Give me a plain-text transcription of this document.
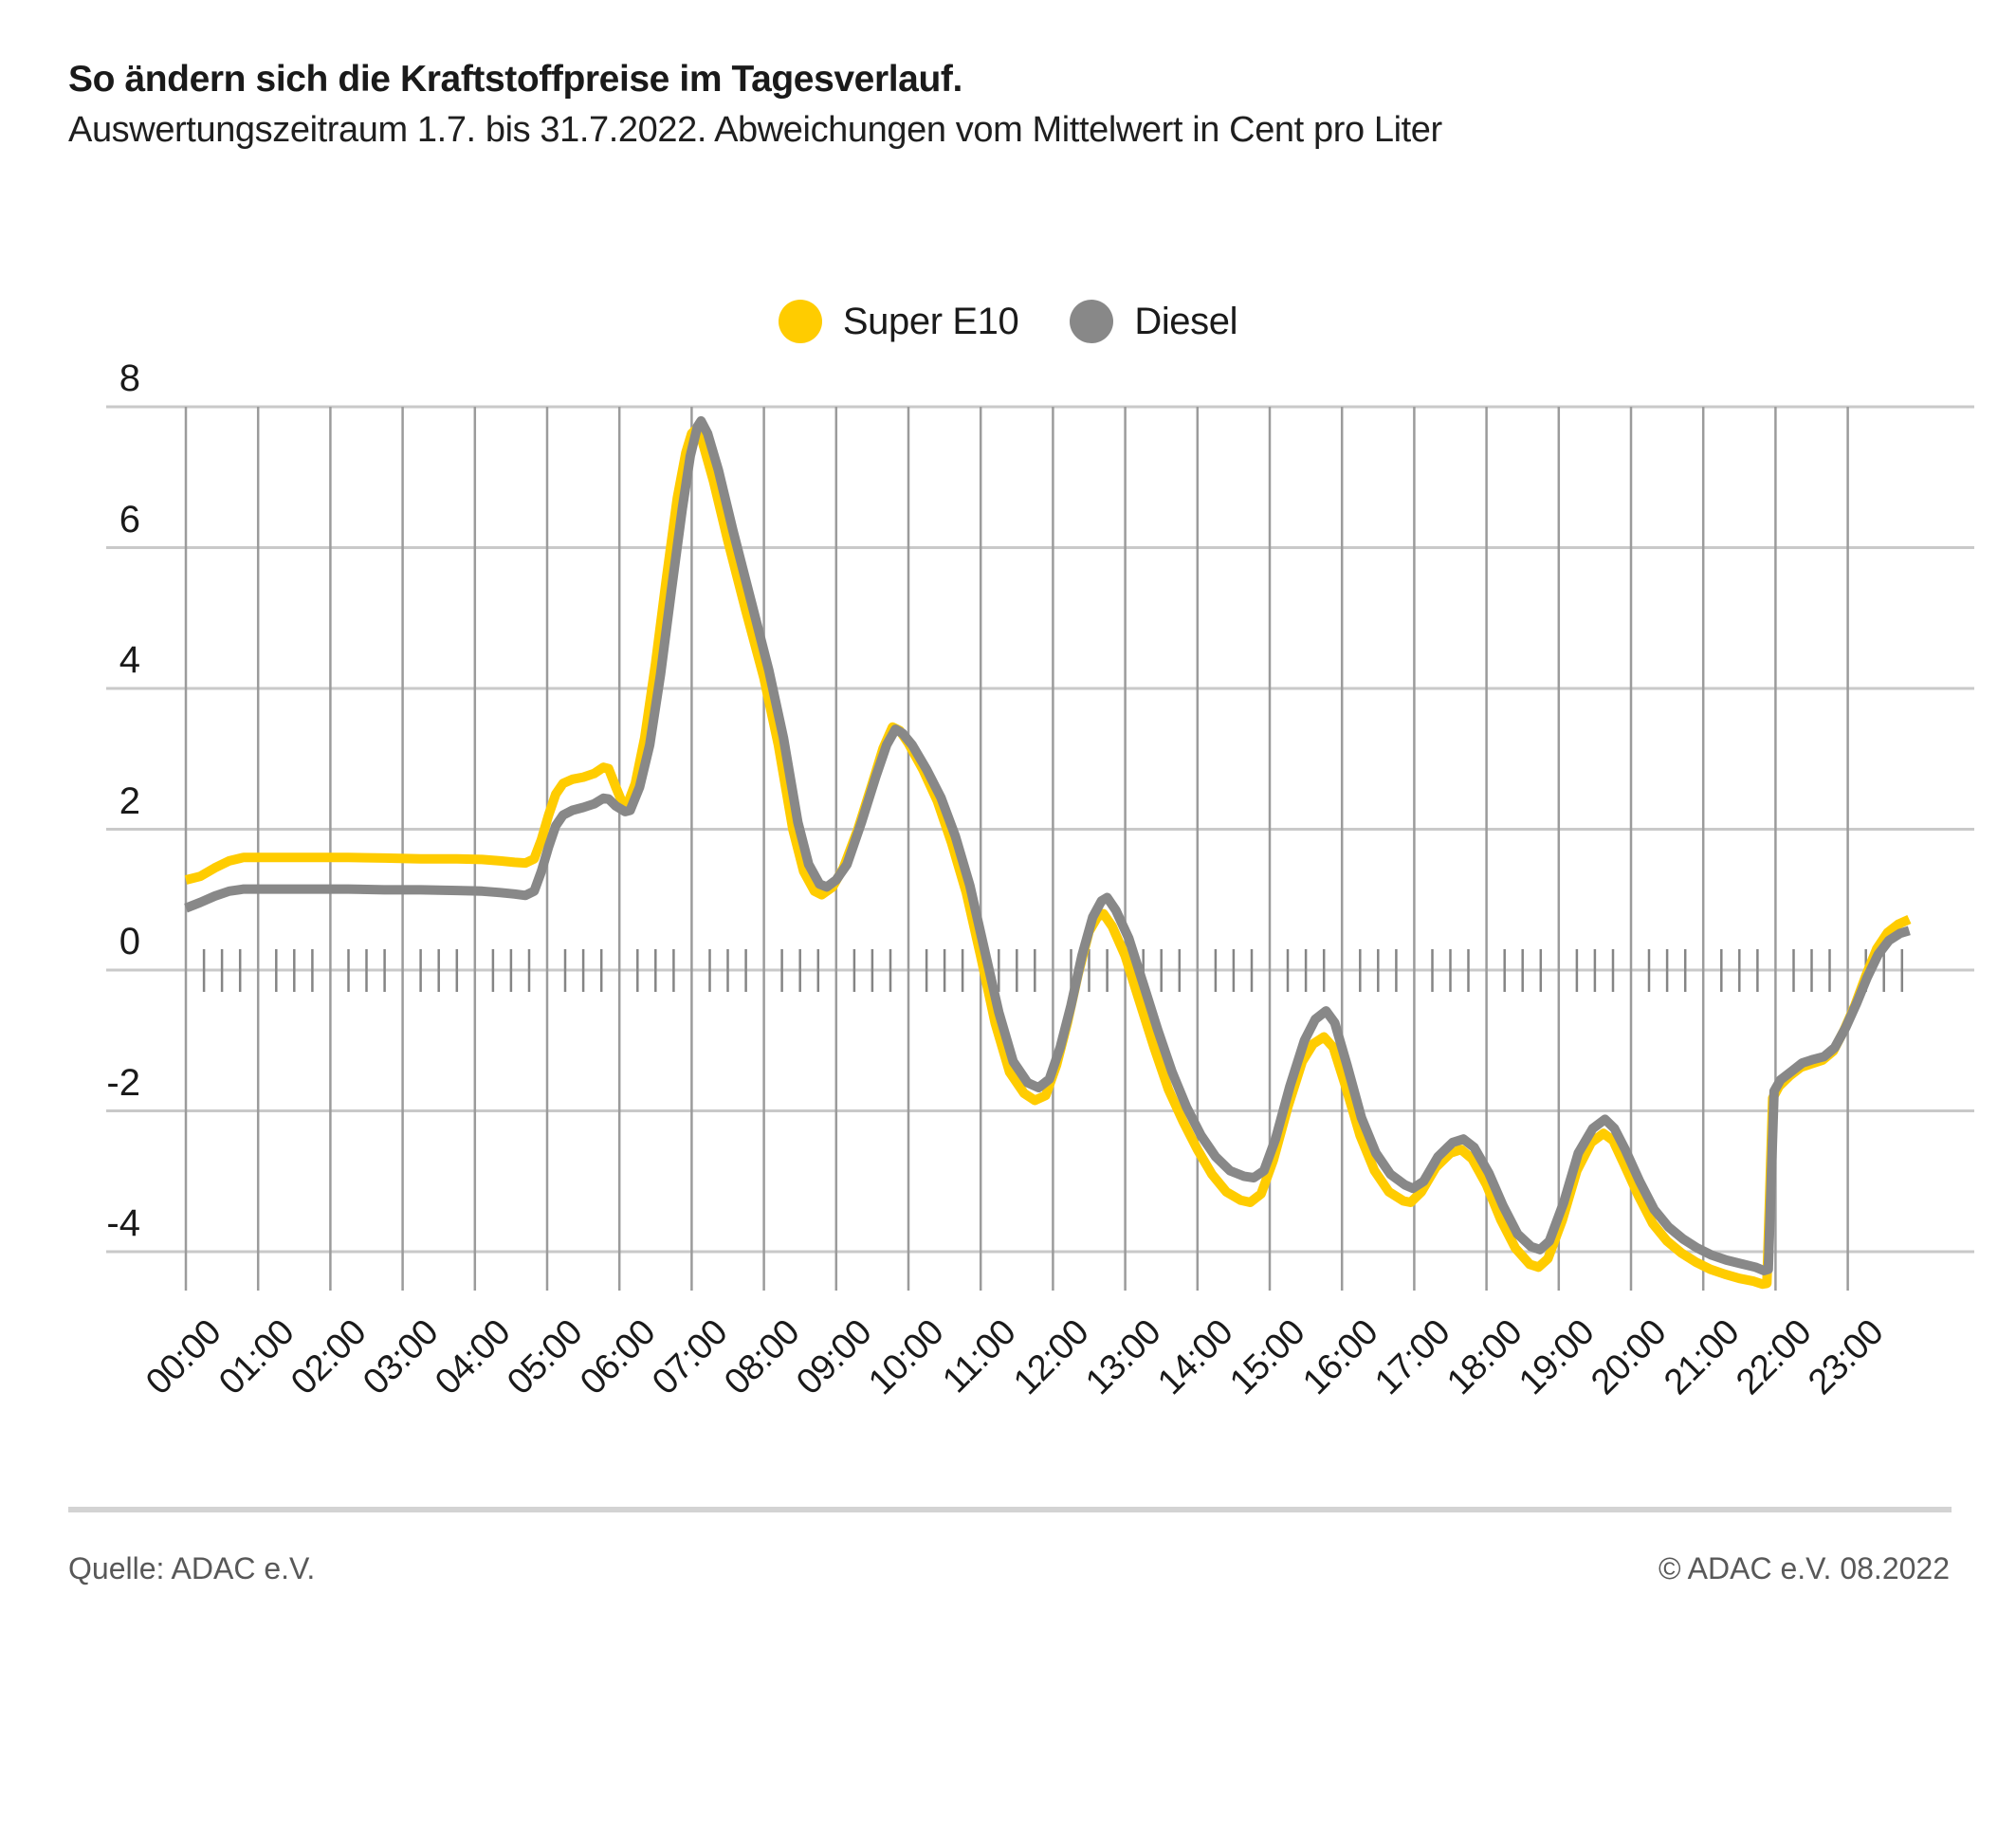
So ändern sich die Kraftstoffpreise im Tagesverlauf.
Auswertungszeitraum 1.7. bis 31.7.2022. Abweichungen vom Mittelwert in Cent pro Liter
Super E10	Diesel
8
6
4
2
0
-2
-4
00:00
01:00
02:00
03:00
04:00
05:00
06:00
07:00
08:00
09:00
10:00
11:00
12:00
13:00
14:00
15:00
16:00
17:00
18:00
19:00
20:00
21:00
22:00
23:00
Quelle: ADAC e.V.	© ADAC e.V. 08.2022
